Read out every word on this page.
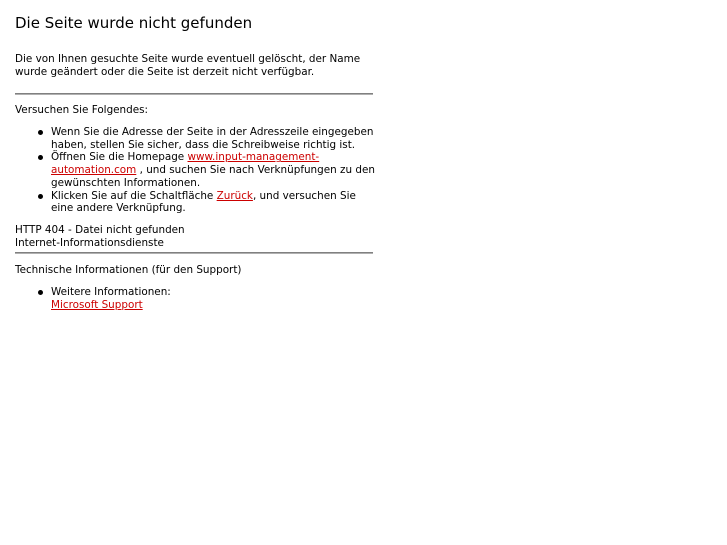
Die Seite wurde nicht gefunden

Die von Ihnen gesuchte Seite wurde eventuell gelöscht, der Name wurde geändert oder die Seite ist derzeit nicht verfügbar.

Versuchen Sie Folgendes:
Wenn Sie die Adresse der Seite in der Adresszeile eingegeben haben, stellen Sie sicher, dass die Schreibweise richtig ist.
Öffnen Sie die Homepage www.input-management-automation.com , und suchen Sie nach Verknüpfungen zu den gewünschten Informationen.
Klicken Sie auf die Schaltfläche Zurück, und versuchen Sie eine andere Verknüpfung.
HTTP 404 - Datei nicht gefunden
Internet-Informationsdienste
Technische Informationen (für den Support)
Weitere Informationen:
Microsoft Support
